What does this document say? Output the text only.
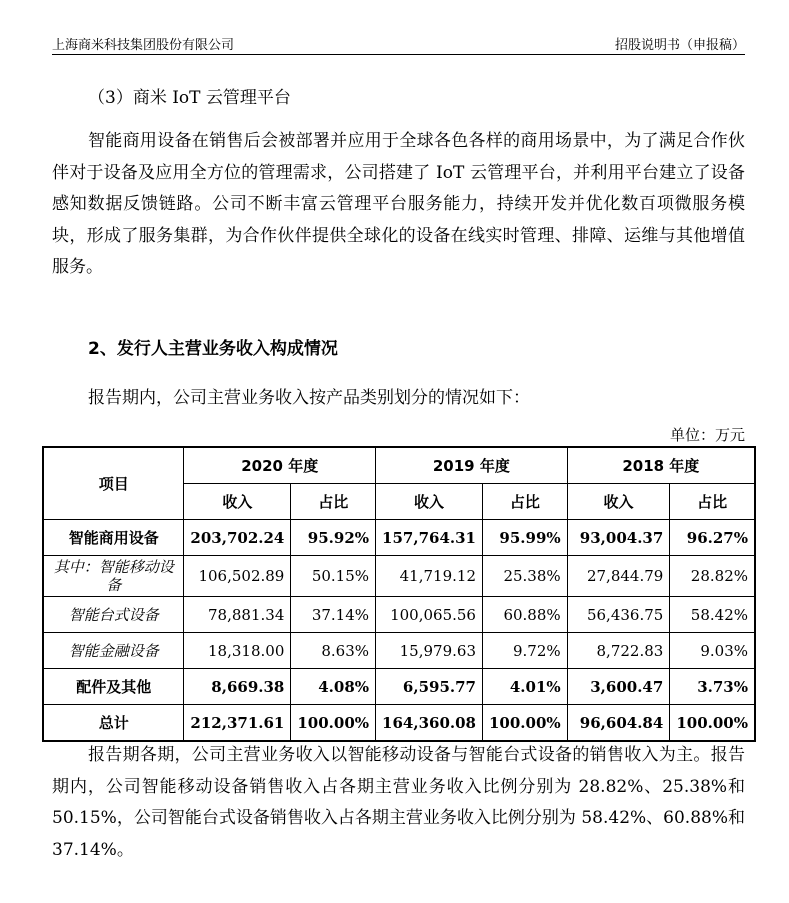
上海商米科技集团股份有限公司	招股说明书（申报稿）
（3）商米 IoT 云管理平台

智能商用设备在销售后会被部署并应用于全球各色各样的商用场景中，为了满足合作伙伴对于设备及应用全方位的管理需求，公司搭建了 IoT 云管理平台，并利用平台建立了设备感知数据反馈链路。公司不断丰富云管理平台服务能力，持续开发并优化数百项微服务模块，形成了服务集群，为合作伙伴提供全球化的设备在线实时管理、排障、运维与其他增值服务。

2、发行人主营业务收入构成情况
报告期内，公司主营业务收入按产品类别划分的情况如下：
单位：万元
项目	2020 年度		2019 年度		2018 年度	
	收入	占比	收入	占比	收入	占比
智能商用设备	203,702.24	95.92%	157,764.31	95.99%	93,004.37	96.27%
其中：智能移动设备	106,502.89	50.15%	41,719.12	25.38%	27,844.79	28.82%
智能台式设备	78,881.34	37.14%	100,065.56	60.88%	56,436.75	58.42%
智能金融设备	18,318.00	8.63%	15,979.63	9.72%	8,722.83	9.03%
配件及其他	8,669.38	4.08%	6,595.77	4.01%	3,600.47	3.73%
总计	212,371.61	100.00%	164,360.08	100.00%	96,604.84	100.00%

报告期各期，公司主营业务收入以智能移动设备与智能台式设备的销售收入为主。报告期内，公司智能移动设备销售收入占各期主营业务收入比例分别为 28.82%、25.38%和 50.15%，公司智能台式设备销售收入占各期主营业务收入比例分别为 58.42%、60.88%和 37.14%。
